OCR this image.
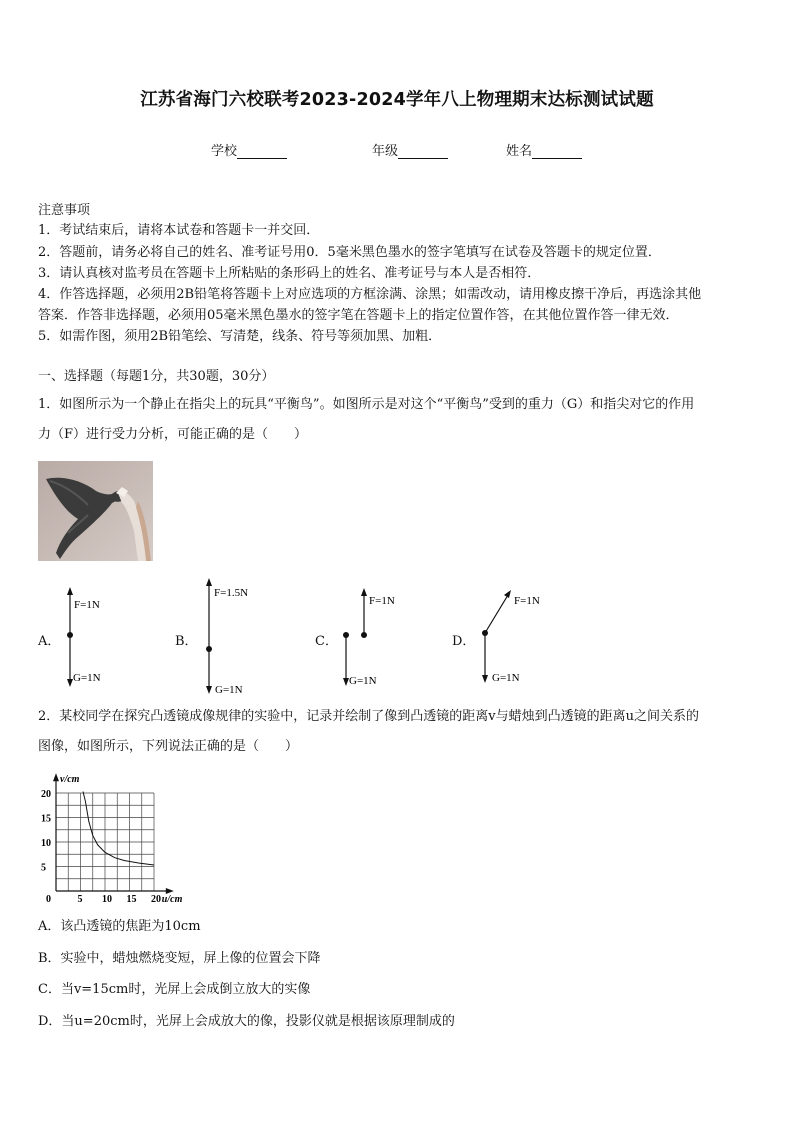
江苏省海门六校联考2023-2024学年八上物理期末达标测试试题
学校	年级	姓名
注意事项
1．考试结束后，请将本试卷和答题卡一并交回．
2．答题前，请务必将自己的姓名、准考证号用0．5毫米黑色墨水的签字笔填写在试卷及答题卡的规定位置．
3．请认真核对监考员在答题卡上所粘贴的条形码上的姓名、准考证号与本人是否相符．
4．作答选择题，必须用2B铅笔将答题卡上对应选项的方框涂满、涂黑；如需改动，请用橡皮擦干净后，再选涂其他
答案．作答非选择题，必须用05毫米黑色墨水的签字笔在答题卡上的指定位置作答，在其他位置作答一律无效．
5．如需作图，须用2B铅笔绘、写清楚，线条、符号等须加黑、加粗．
一、选择题（每题1分，共30题，30分）
1．如图所示为一个静止在指尖上的玩具“平衡鸟”。如图所示是对这个“平衡鸟”受到的重力（G）和指尖对它的作用
力（F）进行受力分析，可能正确的是（　　）
A．
F=1N
G=1N
B．
F=1.5N
G=1N
C．
F=1N
G=1N
D．
F=1N
G=1N
2．某校同学在探究凸透镜成像规律的实验中，记录并绘制了像到凸透镜的距离v与蜡烛到凸透镜的距离u之间关系的
图像，如图所示，下列说法正确的是（　　）
0	5 10 15 20
5
10
15
20
v/cm
u/cm
A．该凸透镜的焦距为10cm
B．实验中，蜡烛燃烧变短，屏上像的位置会下降
C．当v=15cm时，光屏上会成倒立放大的实像
D．当u=20cm时，光屏上会成放大的像，投影仪就是根据该原理制成的
